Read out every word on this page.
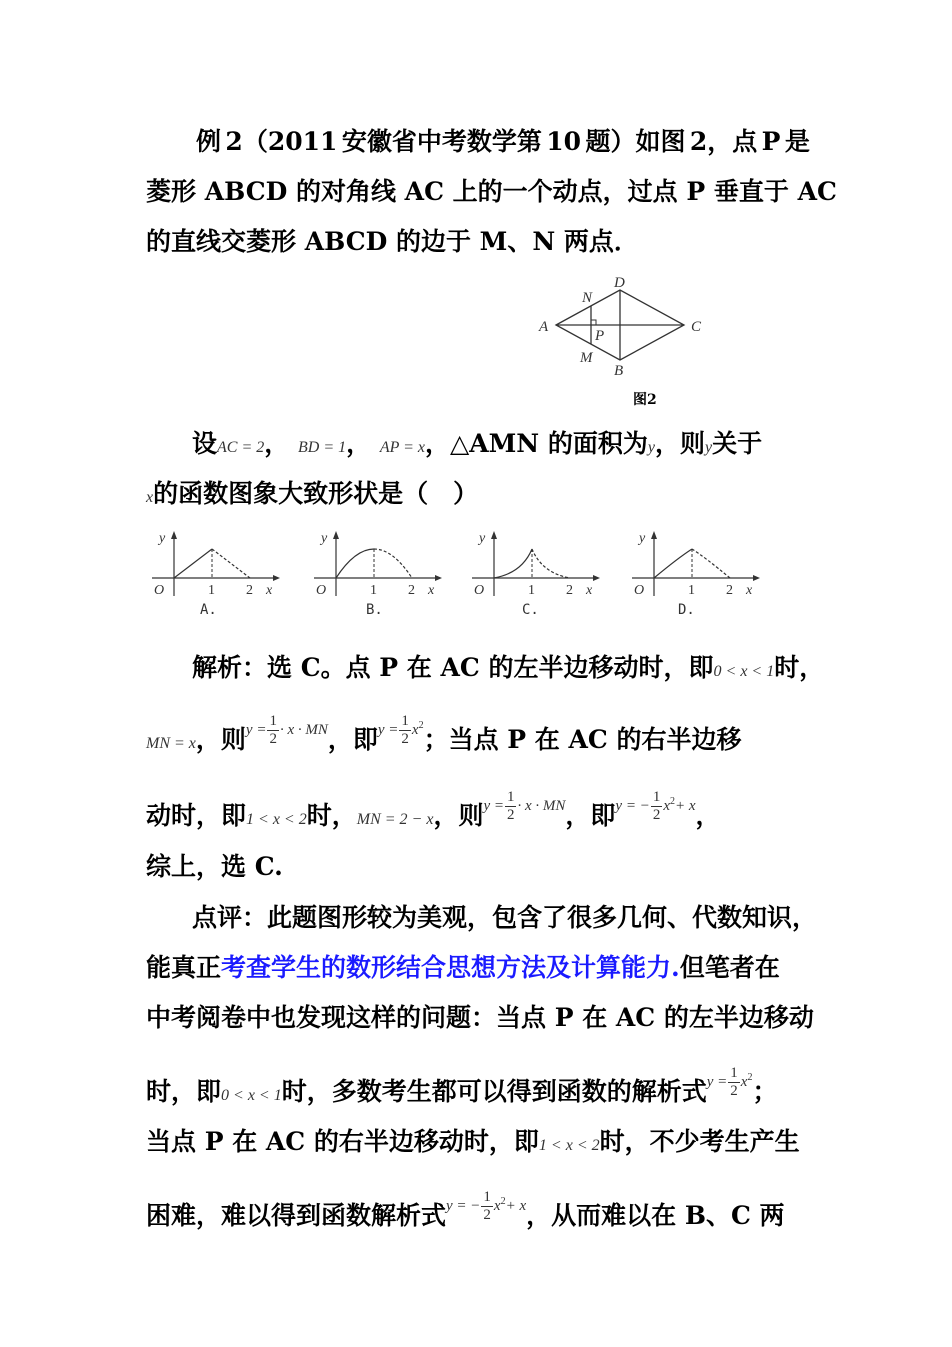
例 2（2011 安徽省中考数学第 10 题）如图 2，点 P 是
菱形 ABCD 的对角线 AC 上的一个动点，过点 P 垂直于 AC
的直线交菱形 ABCD 的边于 M、N 两点．
A
D
C
B
N
M
P
图2
设AC = 2， BD = 1， AP = x，△AMN 的面积为y，则y关于
x的函数图象大致形状是（　）
y
O	1 2 x
y
O	1 2 x
y
O	1 2 x
y
O	1 2 x
A.	B.	C.	D.
解析：选 C。点 P 在 AC 的左半边移动时，即0 < x < 1时，
MN = x，则$y = \frac{1}{2} \cdot x$ · MN，即$y = \frac{1}{2} x^2$；当点 P 在 AC 的右半边移
动时，即1 < x < 2时，MN = 2 − x，则$y = \frac{1}{2} \cdot x$ · MN，即y = − $\frac{1}{2} x^2+ x$，
综上，选 C.
点评：此题图形较为美观，包含了很多几何、代数知识，
能真正考查学生的数形结合思想方法及计算能力.但笔者在
中考阅卷中也发现这样的问题：当点 P 在 AC 的左半边移动
时，即0 < x < 1时，多数考生都可以得到函数的解析式$y = \frac{1}{2} x^2$；
当点 P 在 AC 的右半边移动时，即1 < x < 2时，不少考生产生
困难，难以得到函数解析式y = − $\frac{1}{2} x^2+ x$，从而难以在 B、C 两
